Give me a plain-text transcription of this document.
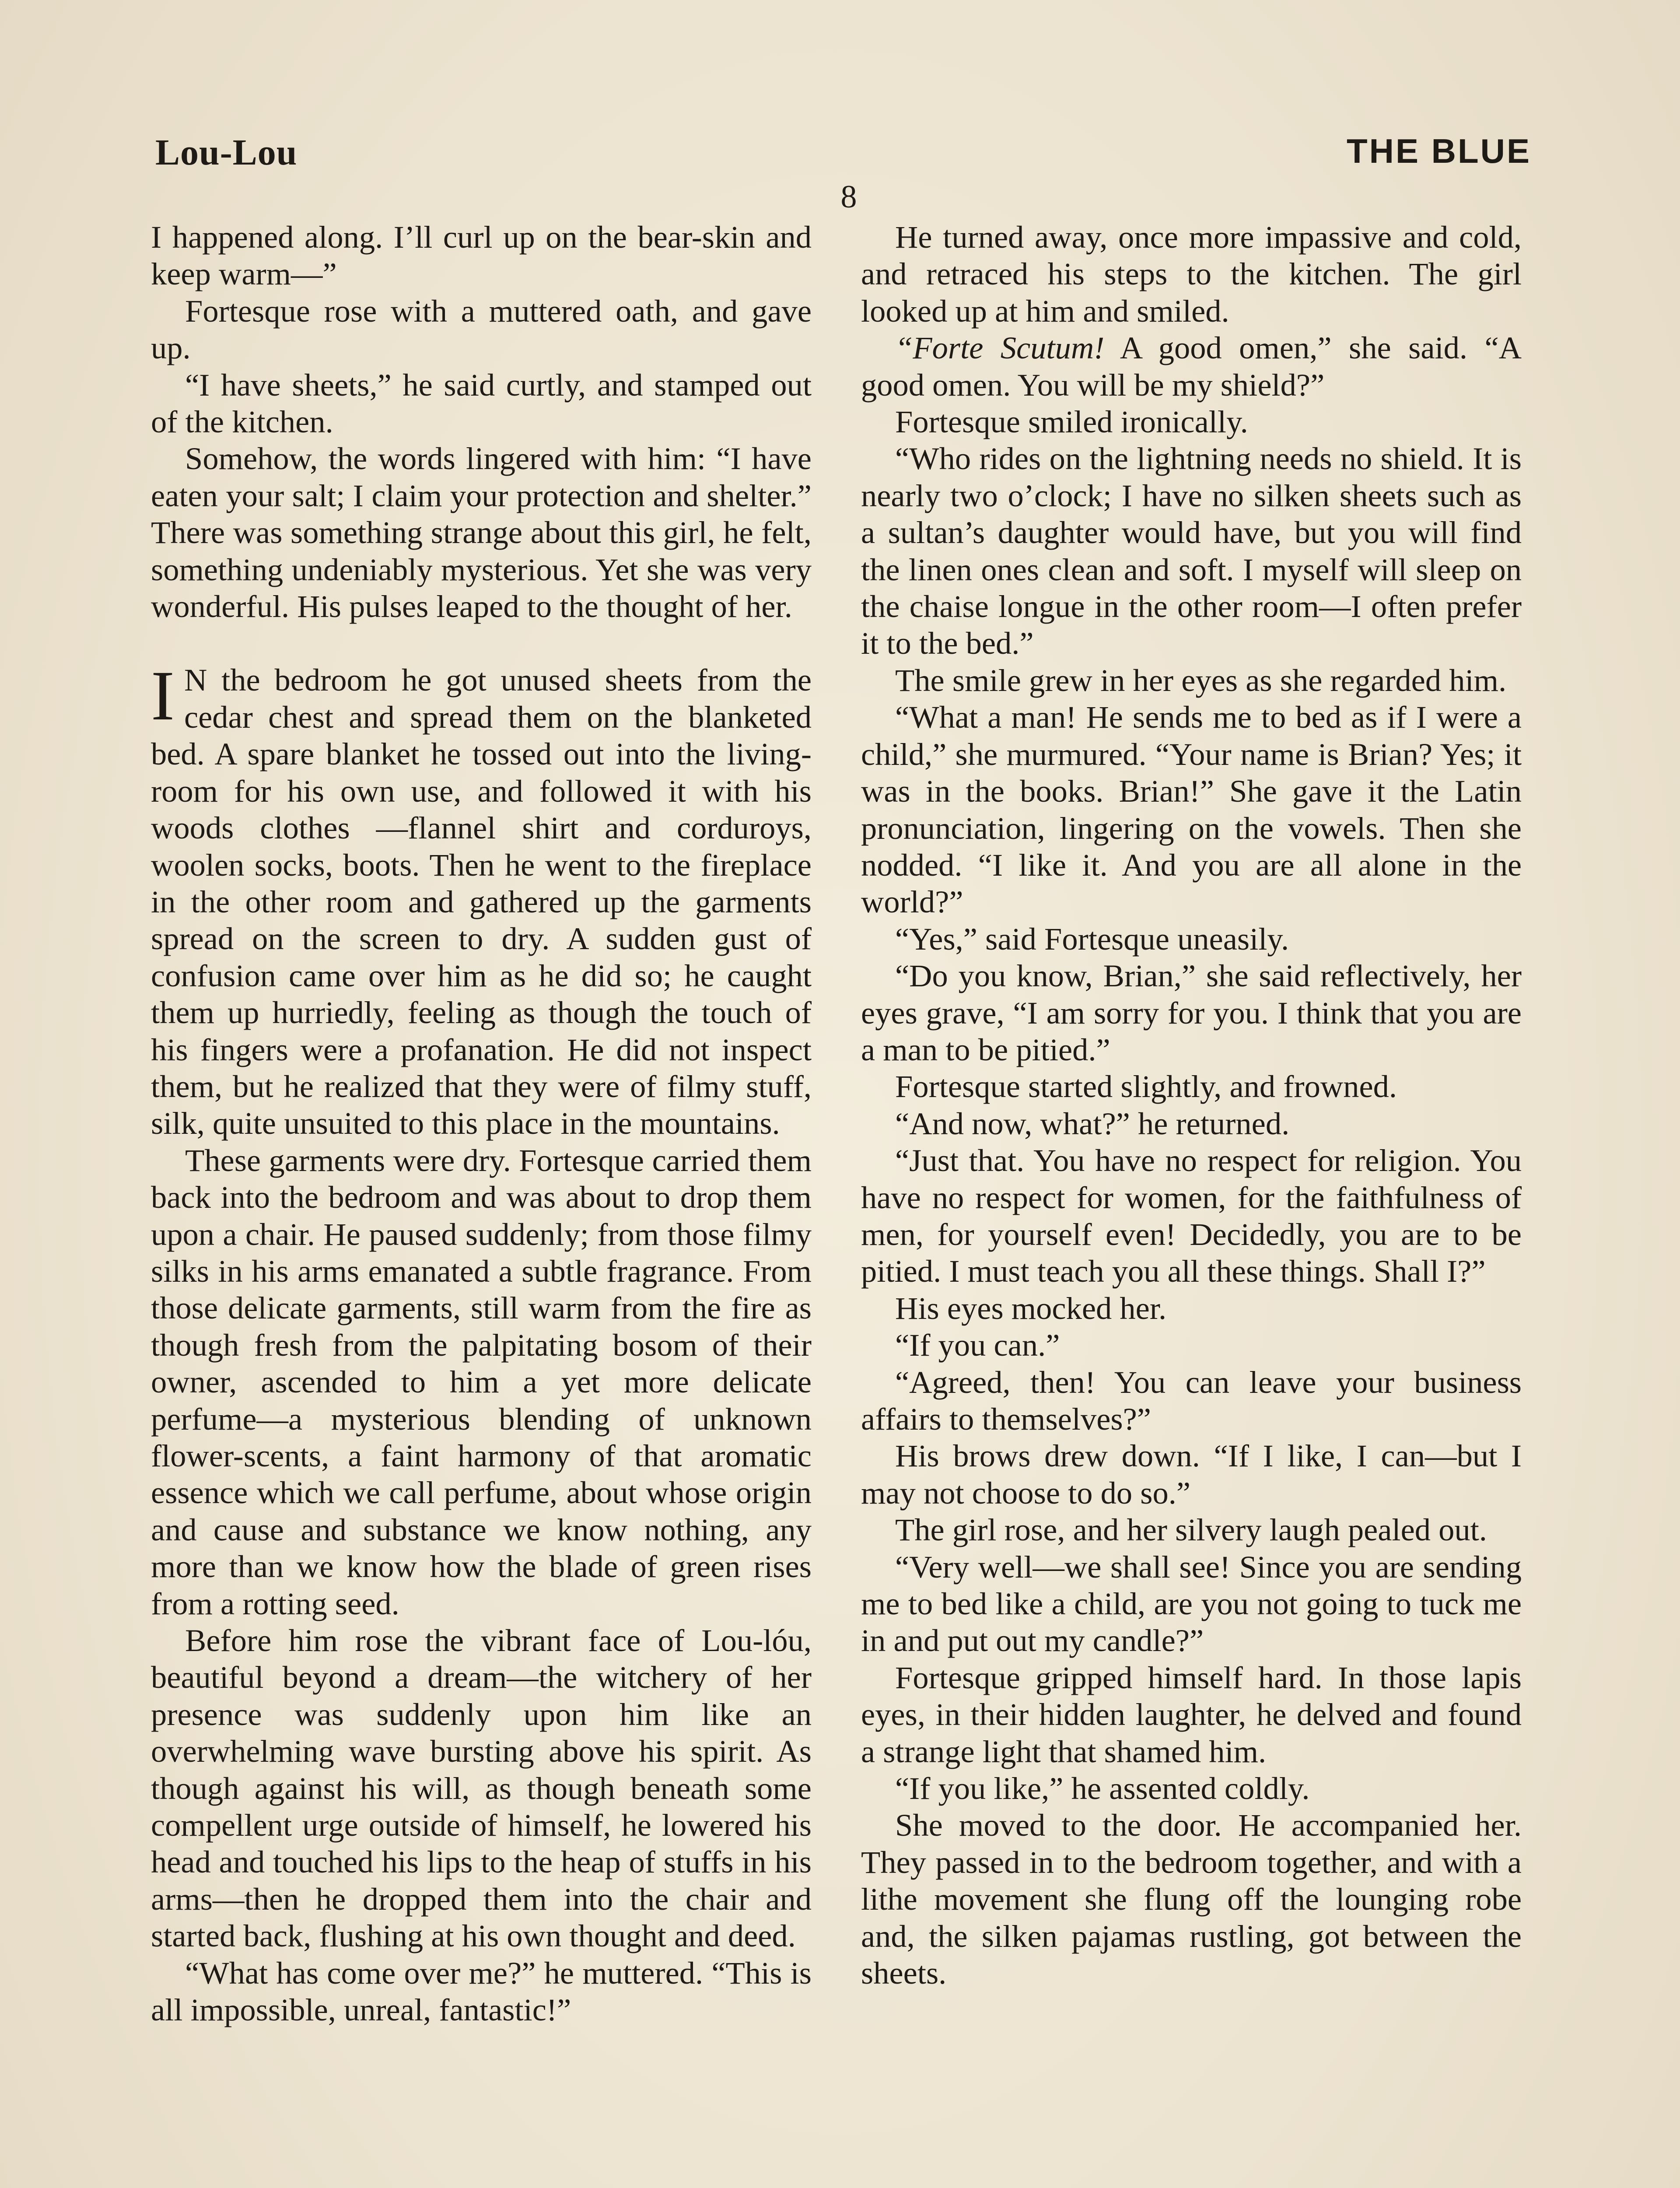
Lou-Lou	THE BLUE
8

I happened along. I’ll curl up on the bear-skin and keep warm—”

Fortesque rose with a muttered oath, and gave up.

“I have sheets,” he said curtly, and stamped out of the kitchen.

Somehow, the words lingered with him: “I have eaten your salt; I claim your protection and shelter.” There was something strange about this girl, he felt, something undeniably mysterious. Yet she was very wonderful. His pulses leaped to the thought of her.

I N the bedroom he got unused sheets from the cedar chest and spread them on the blanketed bed. A spare blanket he tossed out into the living-room for his own use, and followed it with his woods clothes —flannel shirt and corduroys, woolen socks, boots. Then he went to the fireplace in the other room and gathered up the garments spread on the screen to dry. A sudden gust of confusion came over him as he did so; he caught them up hurriedly, feeling as though the touch of his fingers were a profanation. He did not inspect them, but he realized that they were of filmy stuff, silk, quite unsuited to this place in the mountains.

These garments were dry. Fortesque carried them back into the bedroom and was about to drop them upon a chair. He paused suddenly; from those filmy silks in his arms emanated a subtle fragrance. From those delicate garments, still warm from the fire as though fresh from the palpitating bosom of their owner, ascended to him a yet more delicate perfume—a mysterious blending of unknown flower-scents, a faint harmony of that aromatic essence which we call perfume, about whose origin and cause and substance we know nothing, any more than we know how the blade of green rises from a rotting seed.

Before him rose the vibrant face of Lou-lóu, beautiful beyond a dream—the witchery of her presence was suddenly upon him like an overwhelming wave bursting above his spirit. As though against his will, as though beneath some compellent urge outside of himself, he lowered his head and touched his lips to the heap of stuffs in his arms—then he dropped them into the chair and started back, flushing at his own thought and deed.

“What has come over me?” he muttered. “This is all impossible, unreal, fantastic!”

He turned away, once more impassive and cold, and retraced his steps to the kitchen. The girl looked up at him and smiled.

“Forte Scutum! A good omen,” she said. “A good omen. You will be my shield?”

Fortesque smiled ironically.

“Who rides on the lightning needs no shield. It is nearly two o’clock; I have no silken sheets such as a sultan’s daughter would have, but you will find the linen ones clean and soft. I myself will sleep on the chaise longue in the other room—I often prefer it to the bed.”

The smile grew in her eyes as she regarded him.

“What a man! He sends me to bed as if I were a child,” she murmured. “Your name is Brian? Yes; it was in the books. Brian!” She gave it the Latin pronunciation, lingering on the vowels. Then she nodded. “I like it. And you are all alone in the world?”

“Yes,” said Fortesque uneasily.

“Do you know, Brian,” she said reflectively, her eyes grave, “I am sorry for you. I think that you are a man to be pitied.”

Fortesque started slightly, and frowned.

“And now, what?” he returned.

“Just that. You have no respect for religion. You have no respect for women, for the faithfulness of men, for yourself even! Decidedly, you are to be pitied. I must teach you all these things. Shall I?”

His eyes mocked her.

“If you can.”

“Agreed, then! You can leave your business affairs to themselves?”

His brows drew down. “If I like, I can—but I may not choose to do so.”

The girl rose, and her silvery laugh pealed out.

“Very well—we shall see! Since you are sending me to bed like a child, are you not going to tuck me in and put out my candle?”

Fortesque gripped himself hard. In those lapis eyes, in their hidden laughter, he delved and found a strange light that shamed him.

“If you like,” he assented coldly.

She moved to the door. He accompanied her. They passed in to the bedroom together, and with a lithe movement she flung off the lounging robe and, the silken pajamas rustling, got between the sheets.
